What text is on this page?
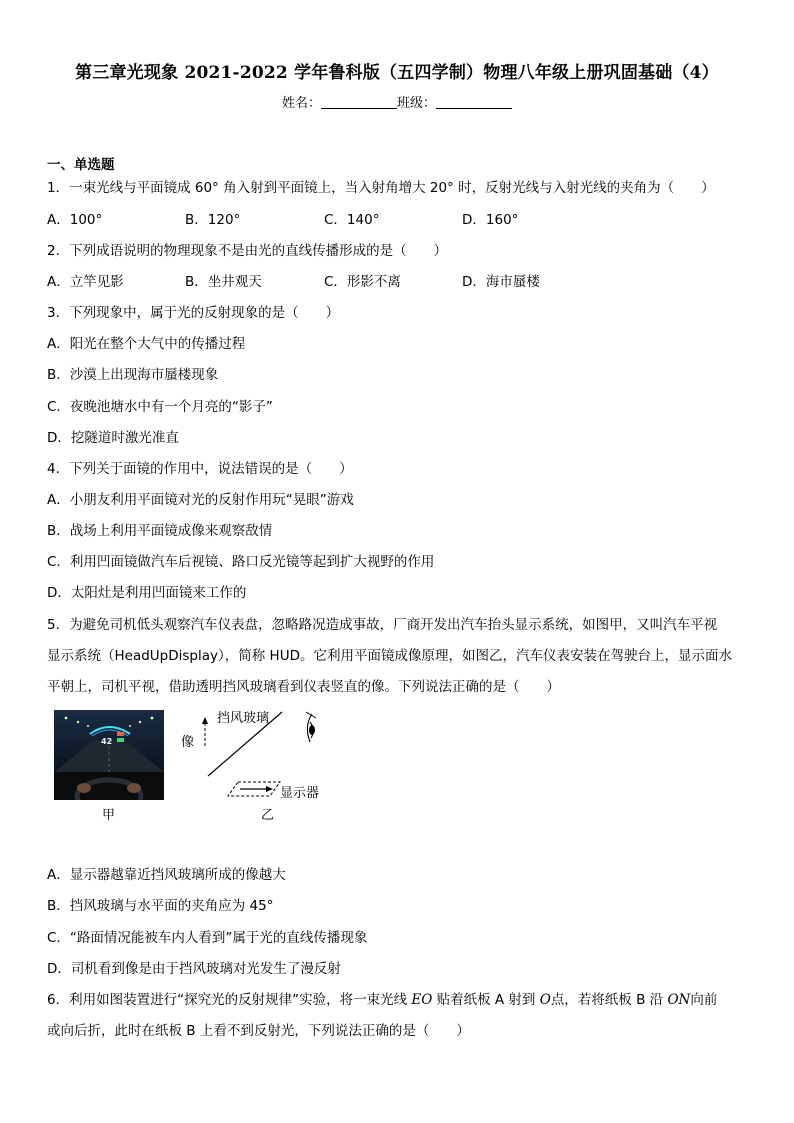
第三章光现象 2021-2022 学年鲁科版（五四学制）物理八年级上册巩固基础（4）
姓名：	班级：
一、单选题
1．一束光线与平面镜成 60° 角入射到平面镜上，当入射角增大 20° 时，反射光线与入射光线的夹角为（　　）
A．100°	B．120°	C．140°	D．160°
2．下列成语说明的物理现象不是由光的直线传播形成的是（　　）
A．立竿见影	B．坐井观天	C．形影不离	D．海市蜃楼
3．下列现象中，属于光的反射现象的是（　　）
A．阳光在整个大气中的传播过程
B．沙漠上出现海市蜃楼现象
C．夜晚池塘水中有一个月亮的“影子”
D．挖隧道时激光准直
4．下列关于面镜的作用中，说法错误的是（　　）
A．小朋友利用平面镜对光的反射作用玩“晃眼”游戏
B．战场上利用平面镜成像来观察敌情
C．利用凹面镜做汽车后视镜、路口反光镜等起到扩大视野的作用
D．太阳灶是利用凹面镜来工作的
5．为避免司机低头观察汽车仪表盘，忽略路况造成事故，厂商开发出汽车抬头显示系统，如图甲，又叫汽车平视
显示系统（HeadUpDisplay），简称 HUD。它利用平面镜成像原理，如图乙，汽车仪表安装在驾驶台上，显示面水
平朝上，司机平视，借助透明挡风玻璃看到仪表竖直的像。下列说法正确的是（　　）
42
甲
挡风玻璃
像
显示器
乙
A．显示器越靠近挡风玻璃所成的像越大
B．挡风玻璃与水平面的夹角应为 45°
C．“路面情况能被车内人看到”属于光的直线传播现象
D．司机看到像是由于挡风玻璃对光发生了漫反射
6．利用如图装置进行“探究光的反射规律”实验，将一束光线 EO 贴着纸板 A 射到 O点，若将纸板 B 沿 ON向前
或向后折，此时在纸板 B 上看不到反射光，下列说法正确的是（　　）
